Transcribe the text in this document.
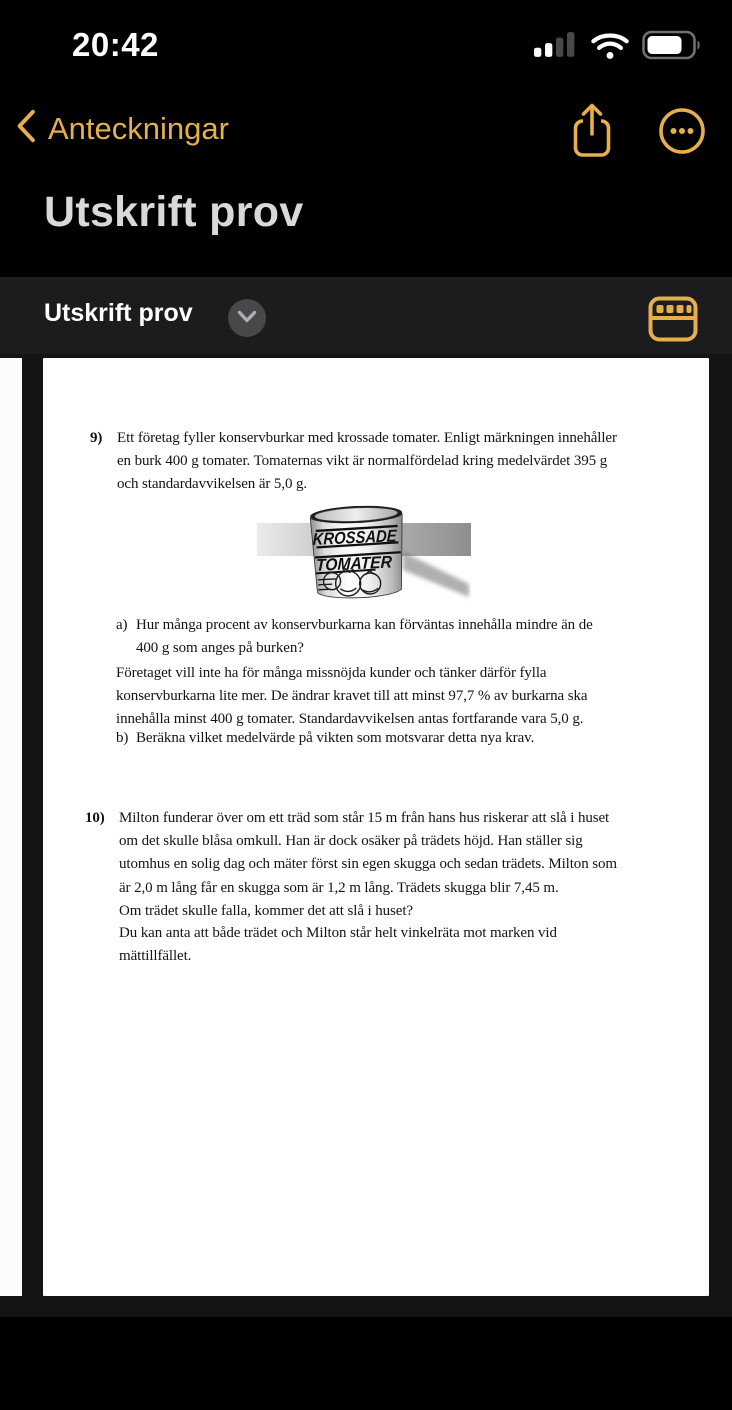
20:42
Anteckningar
Utskrift prov
Utskrift prov
9) Ett företag fyller konservburkar med krossade tomater. Enligt märkningen innehåller
en burk 400 g tomater. Tomaternas vikt är normalfördelad kring medelvärdet 395 g
och standardavvikelsen är 5,0 g.
KROSSADE
TOMATER
a) Hur många procent av konservburkarna kan förväntas innehålla mindre än de
400 g som anges på burken?
Företaget vill inte ha för många missnöjda kunder och tänker därför fylla
konservburkarna lite mer. De ändrar kravet till att minst 97,7 % av burkarna ska
innehålla minst 400 g tomater. Standardavvikelsen antas fortfarande vara 5,0 g.
b) Beräkna vilket medelvärde på vikten som motsvarar detta nya krav.
10) Milton funderar över om ett träd som står 15 m från hans hus riskerar att slå i huset
om det skulle blåsa omkull. Han är dock osäker på trädets höjd. Han ställer sig
utomhus en solig dag och mäter först sin egen skugga och sedan trädets. Milton som
är 2,0 m lång får en skugga som är 1,2 m lång. Trädets skugga blir 7,45 m.
Om trädet skulle falla, kommer det att slå i huset?
Du kan anta att både trädet och Milton står helt vinkelräta mot marken vid
mättillfället.
